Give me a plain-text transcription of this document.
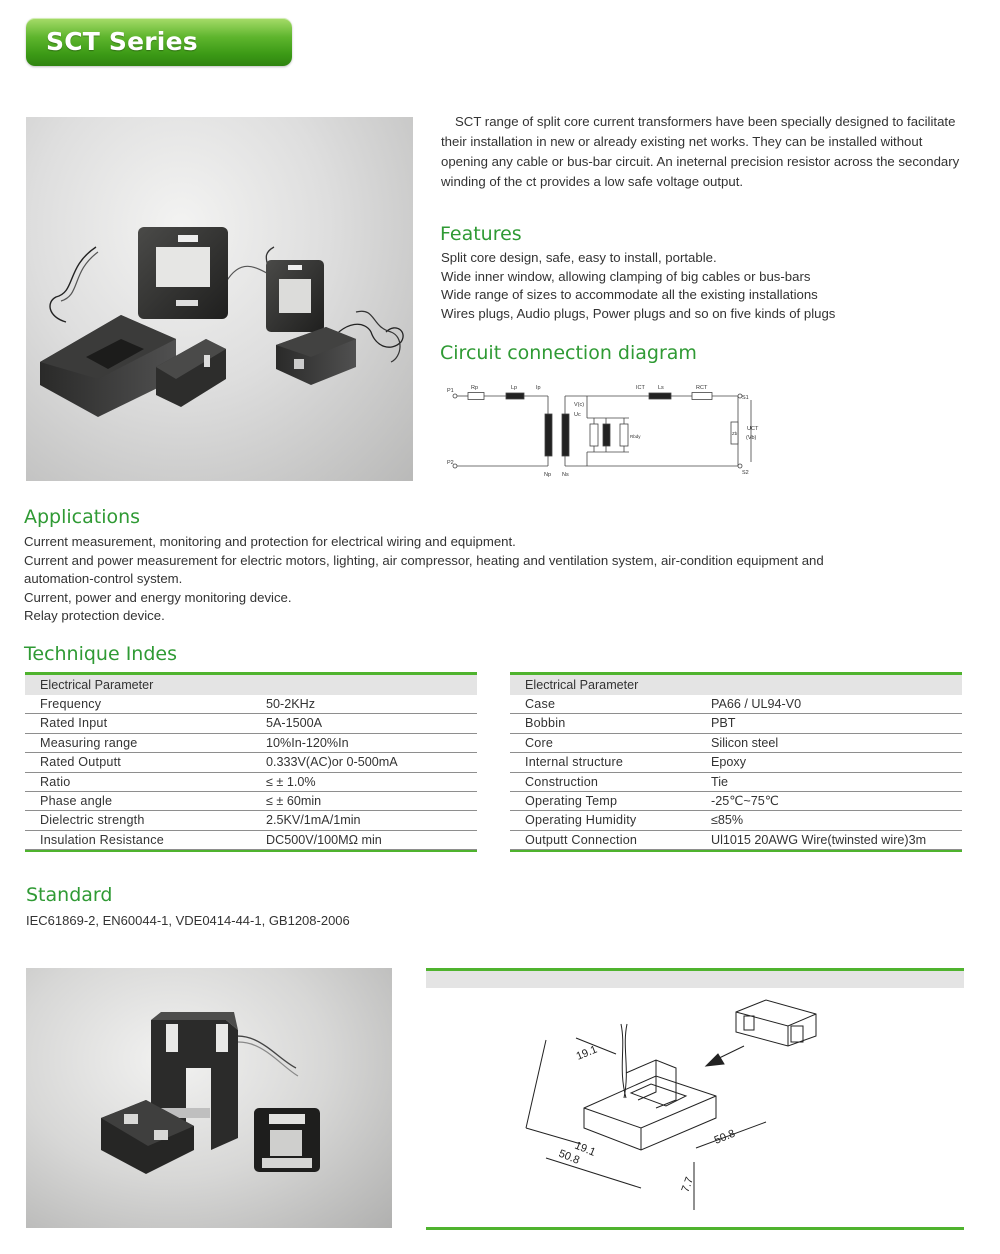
SCT Series

SCT range of split core current transformers have been specially designed to facilitate their installation in new or already existing net works. They can be installed without opening any cable or bus-bar circuit. An ineternal precision resistor across the secondary winding of the ct provides a low safe voltage output.

Features
Split core design, safe, easy to install, portable.
Wide inner window, allowing clamping of big cables or bus-bars
Wide range of sizes to accommodate all the existing installations
Wires plugs, Audio plugs, Power plugs and so on five kinds of plugs
Circuit connection diagram
P1
P2
Rp	Lp	Ip
Np Ns
V(c)
Uc
ICT Ls	RCT
S1
S2
Zb
UCT
(Vb)
Rbdy
Applications
Current measurement, monitoring and protection for electrical wiring and equipment.
Current and power measurement for electric motors, lighting, air compressor, heating and ventilation system, air-condition equipment and
automation-control system.
Current, power and energy monitoring device.
Relay protection device.
Technique Indes
Electrical Parameter
Frequency	50-2KHz
Rated Input	5A-1500A
Measuring range	10%In-120%In
Rated Outputt	0.333V(AC)or 0-500mA
Ratio	≤ ± 1.0%
Phase angle	≤ ± 60min
Dielectric strength	2.5KV/1mA/1min
Insulation Resistance	DC500V/100MΩ min
Electrical Parameter
Case	PA66 / UL94-V0
Bobbin	PBT
Core	Silicon steel
Internal structure	Epoxy
Construction	Tie
Operating Temp	-25℃~75℃
Operating Humidity	≤85%
Outputt Connection	Ul1015 20AWG Wire(twinsted wire)3m
Standard
IEC61869-2, EN60044-1, VDE0414-44-1, GB1208-2006
19.1
19.1
50.8
50.8
7.7
